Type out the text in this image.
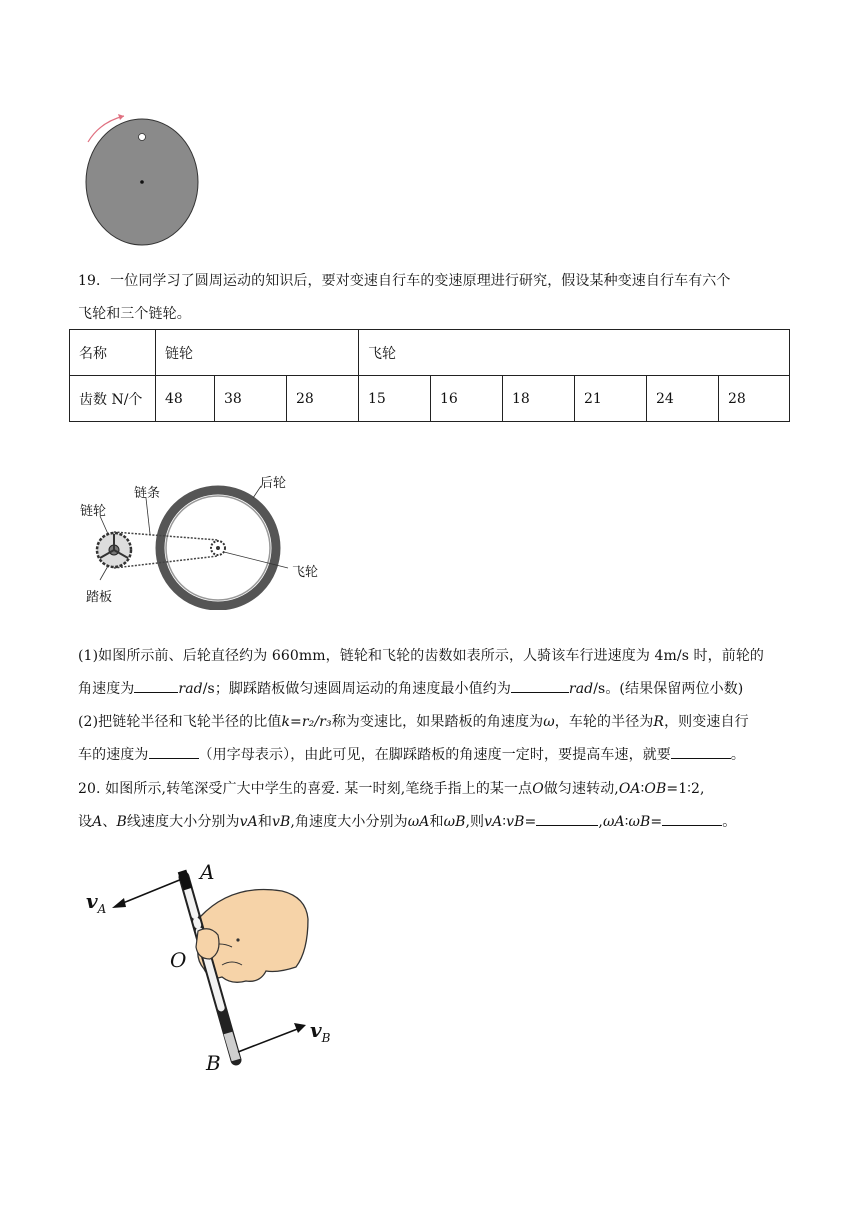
19．一位同学习了圆周运动的知识后，要对变速自行车的变速原理进行研究，假设某种变速自行车有六个
飞轮和三个链轮。
名称	链轮			飞轮					
齿数 N/个	48	38	28	15	16	18	21	24	28
后轮
链条
链轮
飞轮
踏板
(1)如图所示前、后轮直径约为 660mm，链轮和飞轮的齿数如表所示，人骑该车行进速度为 4m/s 时，前轮的
角速度为	rad/s；脚踩踏板做匀速圆周运动的角速度最小值约为	rad/s。(结果保留两位小数)
(2)把链轮半径和飞轮半径的比值k=r₂/r₃称为变速比，如果踏板的角速度为ω，车轮的半径为R，则变速自行
车的速度为	（用字母表示），由此可见，在脚踩踏板的角速度一定时，要提高车速，就要	。
20. 如图所示,转笔深受广大中学生的喜爱. 某一时刻,笔绕手指上的某一点O做匀速转动,OA∶OB=1∶2,
设A、B线速度大小分别为vA和vB,角速度大小分别为ωA和ωB,则vA∶vB=	,ωA∶ωB=	。
A
O
B
$v_A$
$v_B$
